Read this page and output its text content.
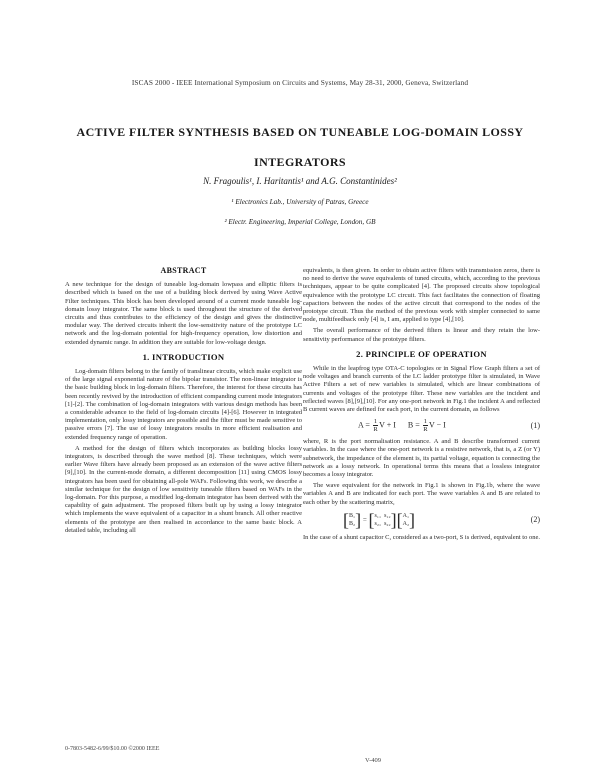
ISCAS 2000 - IEEE International Symposium on Circuits and Systems, May 28-31, 2000, Geneva, Switzerland
ACTIVE FILTER SYNTHESIS BASED ON TUNEABLE LOG-DOMAIN LOSSY
INTEGRATORS
N. Fragoulis¹, I. Haritantis¹ and A.G. Constantinides²
¹ Electronics Lab., University of Patras, Greece
² Electr. Engineering, Imperial College, London, GB
ABSTRACT

A new technique for the design of tuneable log-domain lowpass and elliptic filters is described which is based on the use of a building block derived by using Wave Active Filter techniques. This block has been developed around of a current mode tuneable log-domain lossy integrator. The same block is used throughout the structure of the derived circuits and thus contributes to the efficiency of the design and gives the distinctive modular way. The derived circuits inherit the low-sensitivity nature of the prototype LC network and the log-domain potential for high-frequency operation, low distortion and extended dynamic range. In addition they are suitable for low-voltage design.

1. INTRODUCTION

Log-domain filters belong to the family of translinear circuits, which make explicit use of the large signal exponential nature of the bipolar transistor. The non-linear integrator is the basic building block in log-domain filters. Therefore, the interest for these circuits has been recently revived by the introduction of efficient companding current mode integrators [1]-[2]. The combination of log-domain integrators with various design methods has been a considerable advance to the field of log-domain circuits [4]-[6]. However in integrated implementation, only lossy integrators are possible and the filter must be made sensitive to passive errors [7]. The use of lossy integrators results in more efficient realisation and extended frequency range of operation.

A method for the design of filters which incorporates as building blocks lossy integrators, is described through the wave method [8]. These techniques, which were earlier Wave filters have already been proposed as an extension of the wave active filters [9],[10]. In the current-mode domain, a different decomposition [11] using CMOS lossy integrators has been used for obtaining all-pole WAFs. Following this work, we describe a similar technique for the design of low sensitivity tuneable filters based on WAFs in the log-domain. For this purpose, a modified log-domain integrator has been derived with the capability of gain adjustment. The proposed filters built up by using a lossy integrator which implements the wave equivalent of a capacitor in a shunt branch. All other reactive elements of the prototype are then realised in accordance to the same basic block. A detailed table, including all

equivalents, is then given. In order to obtain active filters with transmission zeros, there is no need to derive the wave equivalents of tuned circuits, which, according to the previous techniques, appear to be quite complicated [4]. The proposed circuits show topological equivalence with the prototype LC circuit. This fact facilitates the connection of floating capacitors between the nodes of the active circuit that correspond to the nodes of the prototype circuit. Thus the method of the previous work with simpler connected to same node, multifeedback only [4] is, I am, applied to type [4],[10].

The overall performance of the derived filters is linear and they retain the low-sensitivity performance of the prototype filters.

2. PRINCIPLE OF OPERATION

While in the leapfrog type OTA-C topologies or in Signal Flow Graph filters a set of node voltages and branch currents of the LC ladder prototype filter is simulated, in Wave Active Filters a set of new variables is simulated, which are linear combinations of currents and voltages of the prototype filter. These new variables are the incident and reflected waves [8],[9],[10]. For any one-port network in Fig.1 the incident A and reflected B current waves are defined for each port, in the current domain, as follows

$A = \frac{1}{R}$ V + I $B = \frac{1}{R}$ V − I	(1)

where, R is the port normalisation resistance. A and B describe transformed current variables. In the case where the one-port network is a resistive network, that is, a Z (or Y) subnetwork, the impedance of the element is, its partial voltage, equation is connecting the network as a lossy network. In operational terms this means that a lossless integrator becomes a lossy integrator.

The wave equivalent for the network in Fig.1 is shown in Fig.1b, where the wave variables A and B are indicated for each port. The wave variables A and B are related to each other by the scattering matrix,

[ B₁
B₂ ] = [ s₁₁ s₁₂
s₂₁ s₂₂ ] [ A₁
A₂ ]	(2)

In the case of a shunt capacitor C, considered as a two-port, S is derived, equivalent to one.

0-7803-5482-6/99/$10.00 ©2000 IEEE
V-409
